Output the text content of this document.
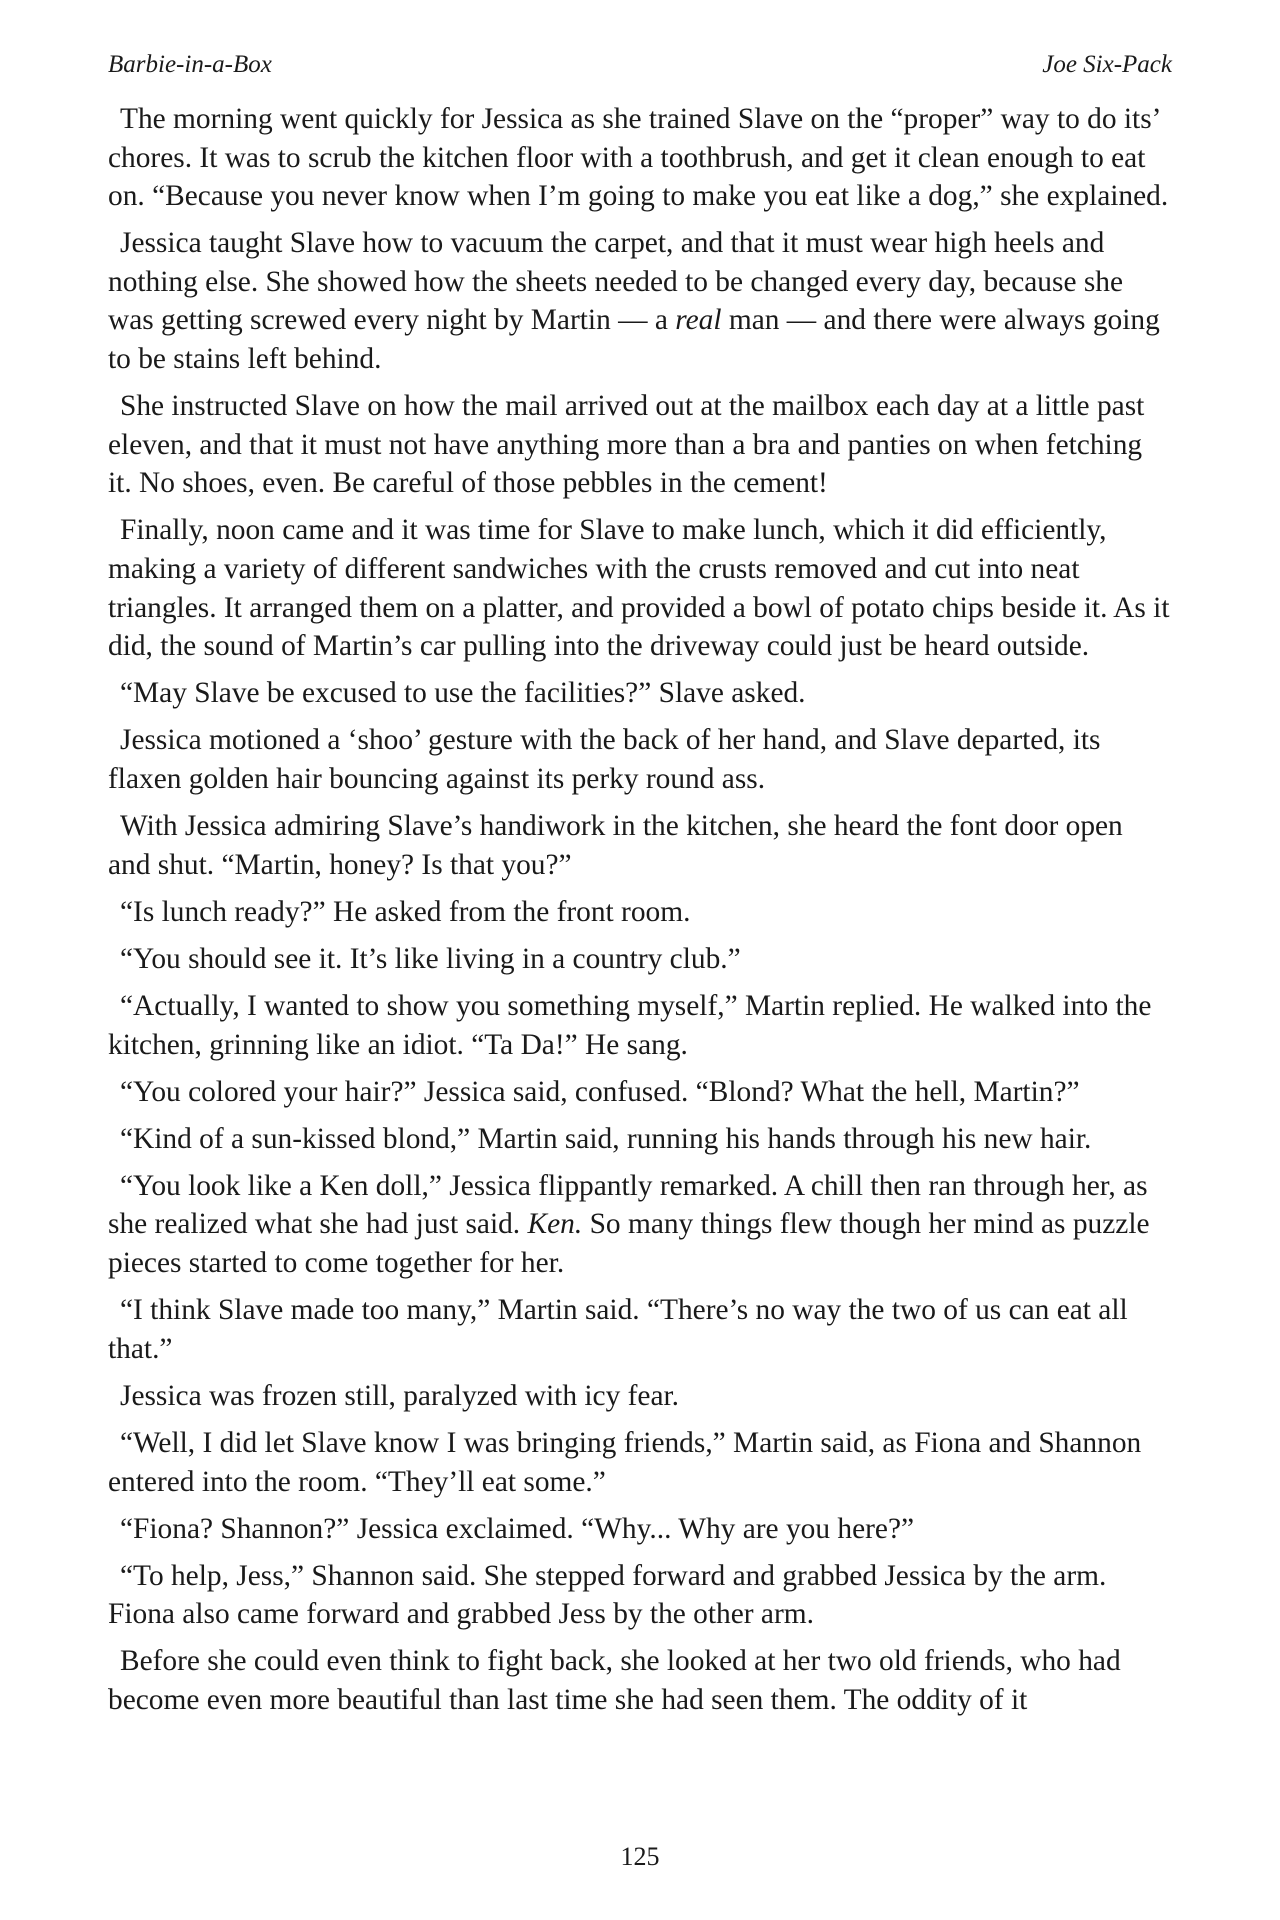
Barbie-in-a-Box	Joe Six-Pack

The morning went quickly for Jessica as she trained Slave on the “proper” way to do its’ chores. It was to scrub the kitchen floor with a toothbrush, and get it clean enough to eat on. “Because you never know when I’m going to make you eat like a dog,” she explained.

Jessica taught Slave how to vacuum the carpet, and that it must wear high heels and nothing else. She showed how the sheets needed to be changed every day, because she was getting screwed every night by Martin — a real man — and there were always going to be stains left behind.

She instructed Slave on how the mail arrived out at the mailbox each day at a little past eleven, and that it must not have anything more than a bra and panties on when fetching it. No shoes, even. Be careful of those pebbles in the cement!

Finally, noon came and it was time for Slave to make lunch, which it did efficiently, making a variety of different sandwiches with the crusts removed and cut into neat triangles. It arranged them on a platter, and provided a bowl of potato chips beside it. As it did, the sound of Martin’s car pulling into the driveway could just be heard outside.

“May Slave be excused to use the facilities?” Slave asked.

Jessica motioned a ‘shoo’ gesture with the back of her hand, and Slave departed, its flaxen golden hair bouncing against its perky round ass.

With Jessica admiring Slave’s handiwork in the kitchen, she heard the font door open and shut. “Martin, honey? Is that you?”

“Is lunch ready?” He asked from the front room.

“You should see it. It’s like living in a country club.”

“Actually, I wanted to show you something myself,” Martin replied. He walked into the kitchen, grinning like an idiot. “Ta Da!” He sang.

“You colored your hair?” Jessica said, confused. “Blond? What the hell, Martin?”

“Kind of a sun-kissed blond,” Martin said, running his hands through his new hair.

“You look like a Ken doll,” Jessica flippantly remarked. A chill then ran through her, as she realized what she had just said. Ken. So many things flew though her mind as puzzle pieces started to come together for her.

“I think Slave made too many,” Martin said. “There’s no way the two of us can eat all that.”

Jessica was frozen still, paralyzed with icy fear.

“Well, I did let Slave know I was bringing friends,” Martin said, as Fiona and Shannon entered into the room. “They’ll eat some.”

“Fiona? Shannon?” Jessica exclaimed. “Why... Why are you here?”

“To help, Jess,” Shannon said. She stepped forward and grabbed Jessica by the arm. Fiona also came forward and grabbed Jess by the other arm.

Before she could even think to fight back, she looked at her two old friends, who had become even more beautiful than last time she had seen them. The oddity of it

125
